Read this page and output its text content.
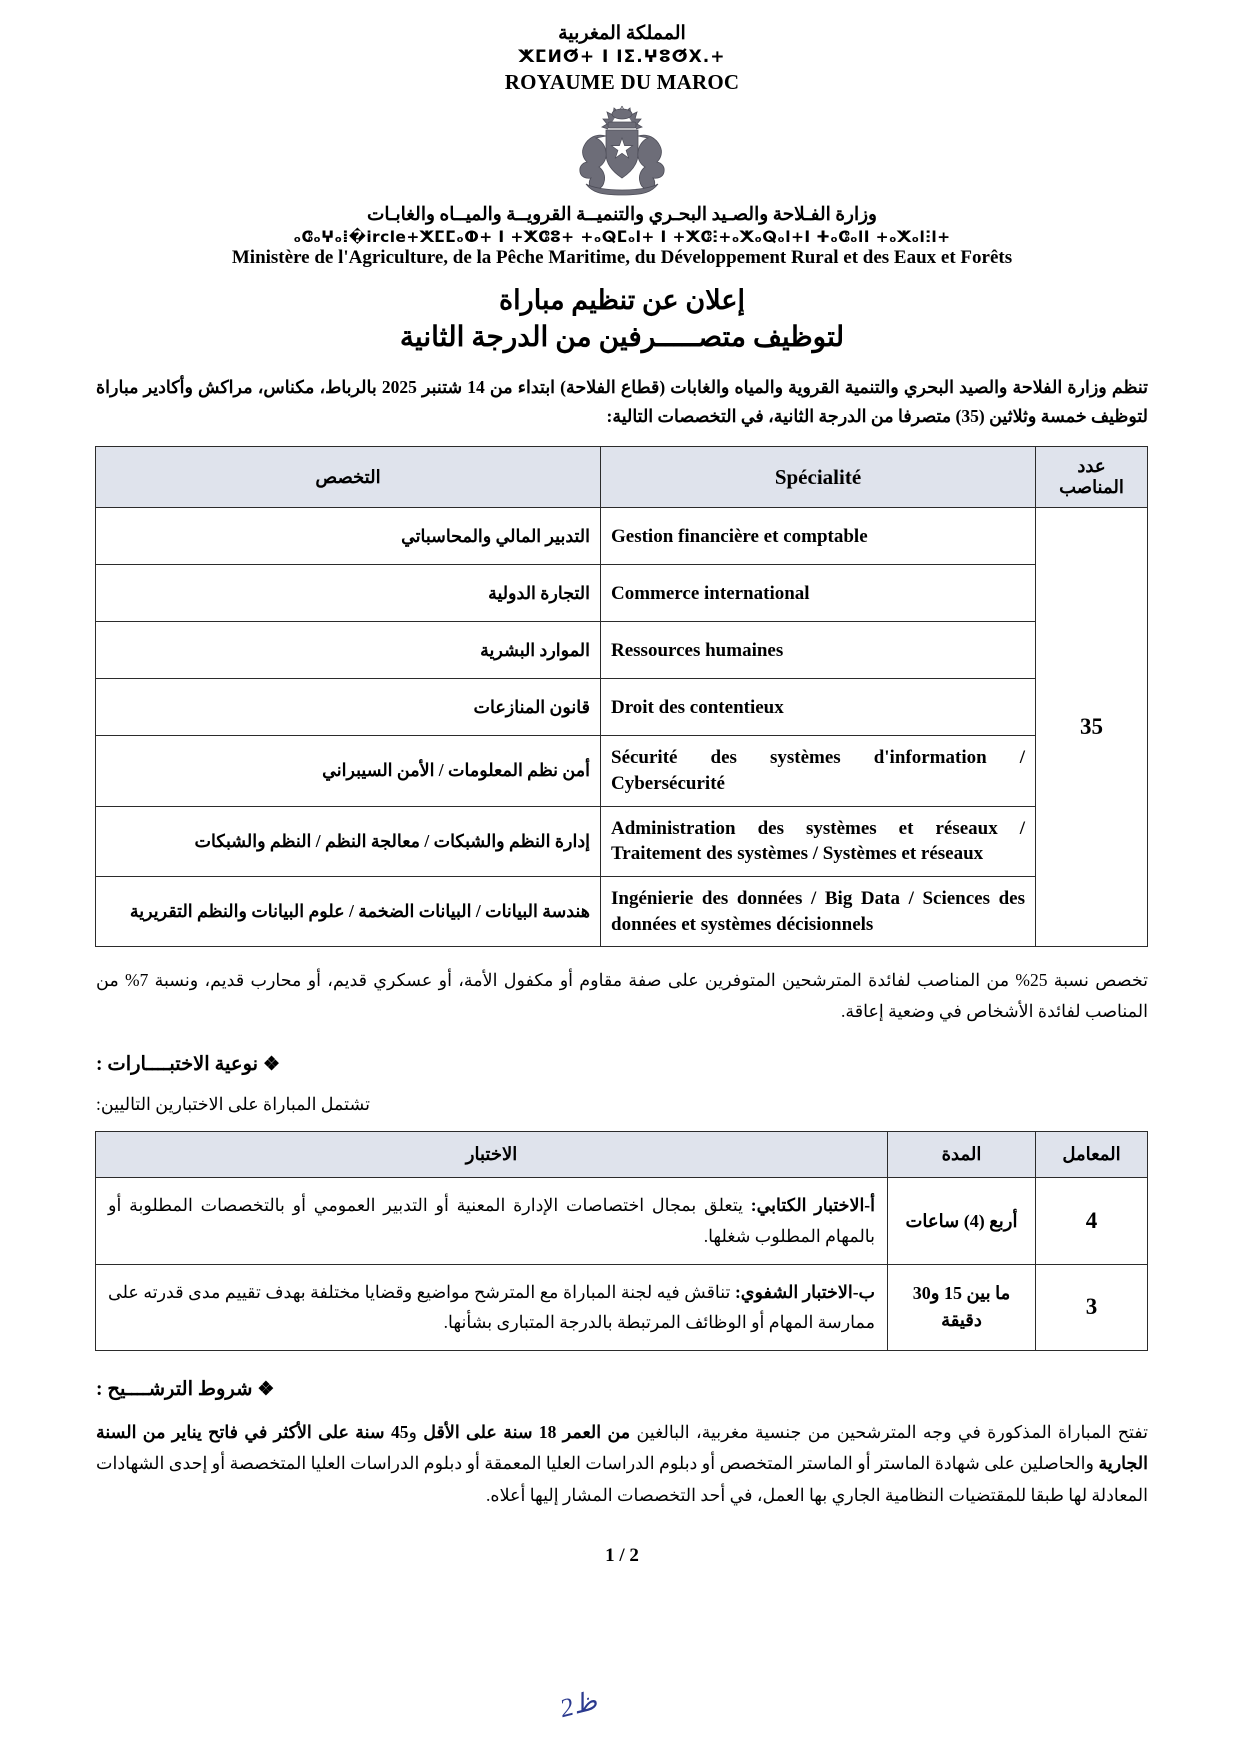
المملكة المغربية
+.ⵅⵎⵍⵚ+ I ⵏⵉ.ⵖⵓⵚⵝ
ROYAUME DU MAROC
وزارة الفـلاحة والصـيد البحـري والتنميــة القرويــة والميــاه والغابـات
+ₒⵛₒⵖₒⵂ�ircle+ⵅⵎⵎₒⵀ+ ⵏ +ⵅⵛⵓ+ +ₒⵕⵎₒl+ ⵏ +ⵅⵛⵗ+ₒⵅₒⵕₒl+ⵏ ⵜₒⵛₒlⵏ +ₒⵅₒlⵗl
Ministère de l'Agriculture, de la Pêche Maritime, du Développement Rural et des Eaux et Forêts
إعلان عن تنظيم مباراة
لتوظيف متصـــــرفين من الدرجة الثانية
تنظم وزارة الفلاحة والصيد البحري والتنمية القروية والمياه والغابات (قطاع الفلاحة) ابتداء من 14 شتنبر 2025 بالرباط، مكناس، مراكش وأكادير مباراة لتوظيف خمسة وثلاثين (35) متصرفا من الدرجة الثانية، في التخصصات التالية:
عدد المناصب	Spécialité	التخصص
35	Gestion financière et comptable	التدبير المالي والمحاسباتي
	Commerce international	التجارة الدولية
	Ressources humaines	الموارد البشرية
	Droit des contentieux	قانون المنازعات
	Sécurité des systèmes d'information / Cybersécurité	أمن نظم المعلومات / الأمن السيبراني
	Administration des systèmes et réseaux / Traitement des systèmes / Systèmes et réseaux	إدارة النظم والشبكات / معالجة النظم / النظم والشبكات
	Ingénierie des données / Big Data / Sciences des données et systèmes décisionnels	هندسة البيانات / البيانات الضخمة / علوم البيانات والنظم التقريرية
تخصص نسبة 25% من المناصب لفائدة المترشحين المتوفرين على صفة مقاوم أو مكفول الأمة، أو عسكري قديم، أو محارب قديم، ونسبة 7% من المناصب لفائدة الأشخاص في وضعية إعاقة.
❖ نوعية الاختبــــارات :
تشتمل المباراة على الاختبارين التاليين:
المعامل	المدة	الاختبار
4	أربع (4) ساعات	أ-الاختبار الكتابي: يتعلق بمجال اختصاصات الإدارة المعنية أو التدبير العمومي أو بالتخصصات المطلوبة أو بالمهام المطلوب شغلها.
3	ما بين 15 و30 دقيقة	ب-الاختبار الشفوي: تناقش فيه لجنة المباراة مع المترشح مواضيع وقضايا مختلفة بهدف تقييم مدى قدرته على ممارسة المهام أو الوظائف المرتبطة بالدرجة المتبارى بشأنها.
❖ شروط الترشــــيح :
تفتح المباراة المذكورة في وجه المترشحين من جنسية مغربية، البالغين من العمر 18 سنة على الأقل و45 سنة على الأكثر في فاتح يناير من السنة الجارية والحاصلين على شهادة الماستر أو الماستر المتخصص أو دبلوم الدراسات العليا المعمقة أو دبلوم الدراسات العليا المتخصصة أو إحدى الشهادات المعادلة لها طبقا للمقتضيات النظامية الجاري بها العمل، في أحد التخصصات المشار إليها أعلاه.
1 / 2
ظ2
